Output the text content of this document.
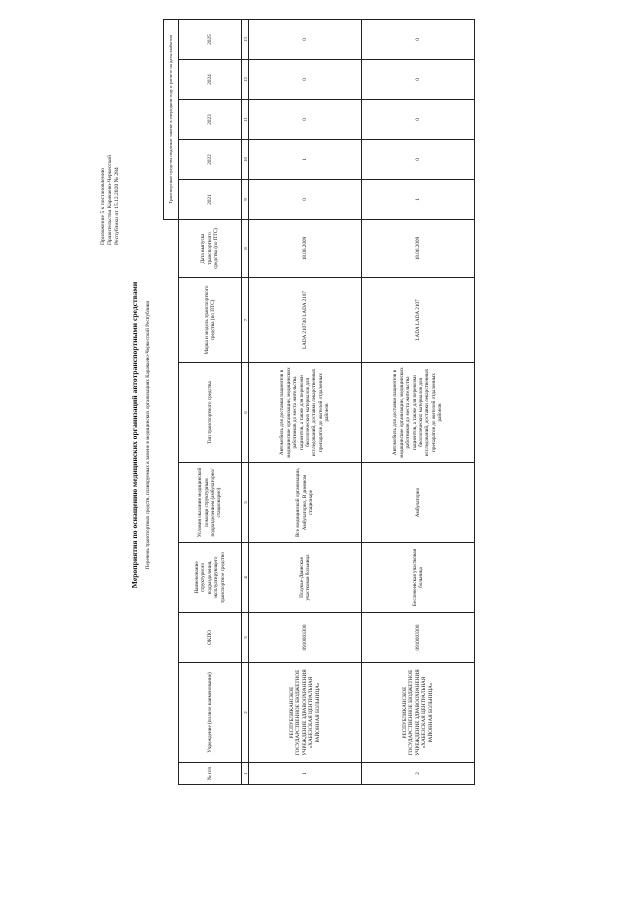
Приложение 5 к постановлению Правительства Карачаево-Черкесской Республики от 15.12.2020 № 284
Мероприятия по оснащению медицинских организаций автотранспортными средствами Перечень транспортных средств, планируемых к замене в медицинских организациях Карачаево-Черкесской Республики
								Транспортные средства подлежат замене в очередном году в расчете на даты выбытия				
№ п/п	Учреждение (полное наименование)	ОКПО	Наименование структурного подразделения, эксплуатирующего транспортное средство	Условия оказания медицинской помощи структурным подразделением (амбулаторно/ стационарно)	Тип транспортного средства	Марка и модель транспортного средства (по ПТС)	Дата выпуска транспортного средства (по ПТС)	2021	2022	2023	2024	2025
1	2	3	4	5	6	7	8	9	10	11	12	13
1	РЕСПУБЛИКАНСКОЕ ГОСУДАРСТВЕННОЕ БЮДЖЕТНОЕ УЧРЕЖДЕНИЕ ЗДРАВООХРАНЕНИЯ «ХАБЕЗСКАЯ ЦЕНТРАЛЬНАЯ РАЙОННАЯ БОЛЬНИЦА»	0910003300	Псаукье-Двинская участковая больница	Все медицинской организации, Амбулаторно, В дневном стационаре	Автомобиль для доставки пациентов в медицинские организации, медицинских работников до места жительства пациентов, а также для перевозки биологических материалов для исследований, доставки лекарственных препаратов до жителей отдаленных районов	LADA 210740 LADA 2107	18.06.2009	0	1	0	0	0
2	РЕСПУБЛИКАНСКОЕ ГОСУДАРСТВЕННОЕ БЮДЖЕТНОЕ УЧРЕЖДЕНИЕ ЗДРАВООХРАНЕНИЯ «ХАБЕЗСКАЯ ЦЕНТРАЛЬНАЯ РАЙОННАЯ БОЛЬНИЦА»	0910003300	Бесленеевская участковая больница	Амбулаторно	Автомобиль для доставки пациентов в медицинские организации, медицинских работников до места жительства пациентов, а также для перевозки биологических материалов для исследований, доставки лекарственных препаратов до жителей отдаленных районов	LADA LADA 2107	18.06.2009	1	0	0	0	0
